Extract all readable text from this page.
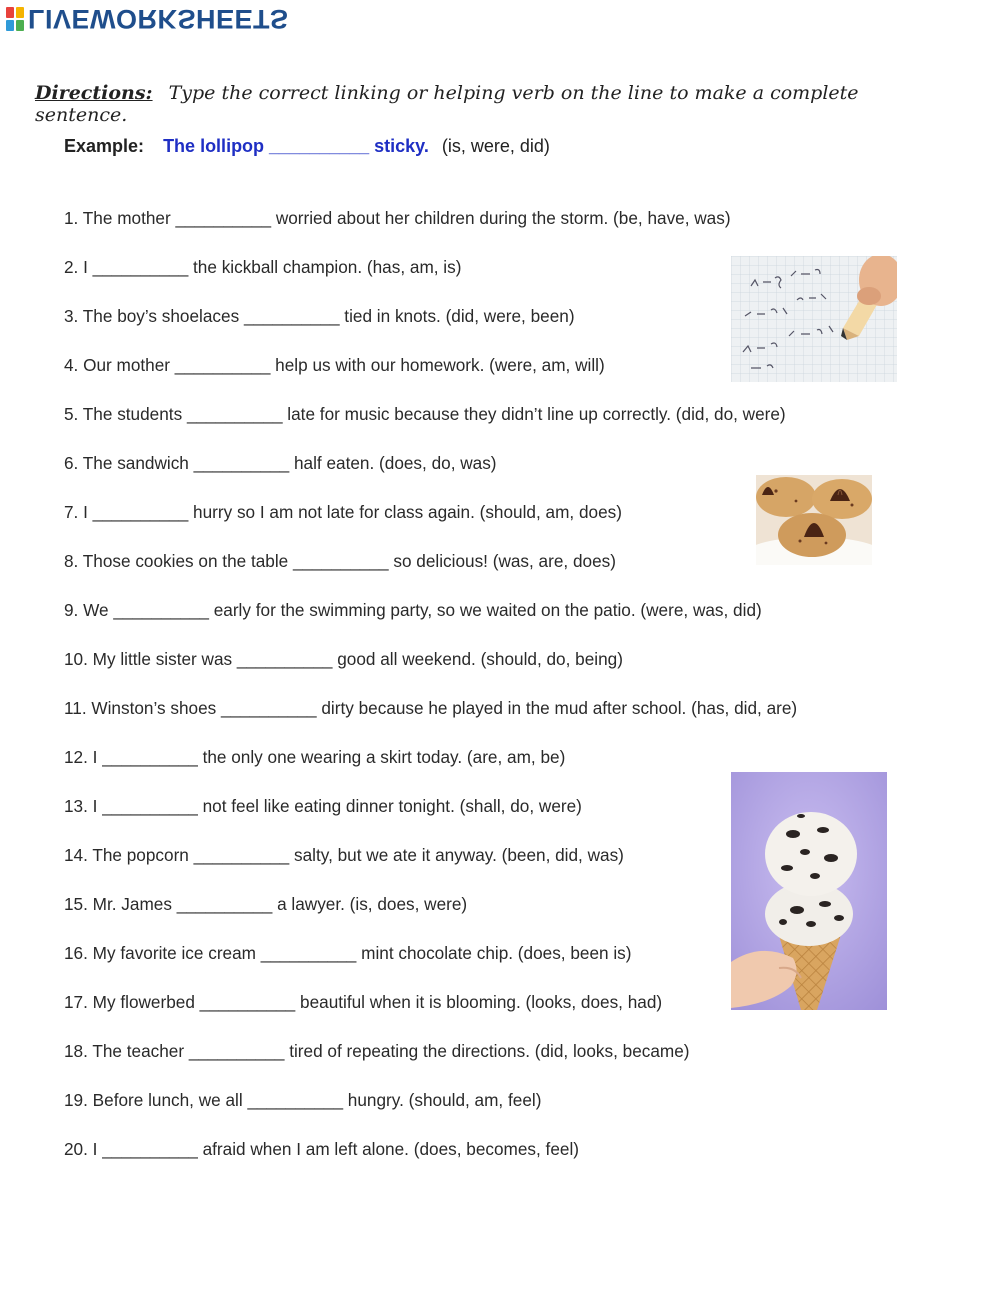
LIVEWORKSHEETS
Directions: Type the correct linking or helping verb on the line to make a complete sentence.
Example: The lollipop __________ sticky. (is, were, did)
1. The mother __________ worried about her children during the storm. (be, have, was)
2. I __________ the kickball champion. (has, am, is)
3. The boy’s shoelaces __________ tied in knots. (did, were, been)
4. Our mother __________ help us with our homework. (were, am, will)
5. The students __________ late for music because they didn’t line up correctly. (did, do, were)
6. The sandwich __________ half eaten. (does, do, was)
7. I __________ hurry so I am not late for class again. (should, am, does)
8. Those cookies on the table __________ so delicious! (was, are, does)
9. We __________ early for the swimming party, so we waited on the patio. (were, was, did)
10. My little sister was __________ good all weekend. (should, do, being)
11. Winston’s shoes __________ dirty because he played in the mud after school. (has, did, are)
12. I __________ the only one wearing a skirt today. (are, am, be)
13. I __________ not feel like eating dinner tonight. (shall, do, were)
14. The popcorn __________ salty, but we ate it anyway. (been, did, was)
15. Mr. James __________ a lawyer. (is, does, were)
16. My favorite ice cream __________ mint chocolate chip. (does, been is)
17. My flowerbed __________ beautiful when it is blooming. (looks, does, had)
18. The teacher __________ tired of repeating the directions. (did, looks, became)
19. Before lunch, we all __________ hungry. (should, am, feel)
20. I __________ afraid when I am left alone. (does, becomes, feel)
